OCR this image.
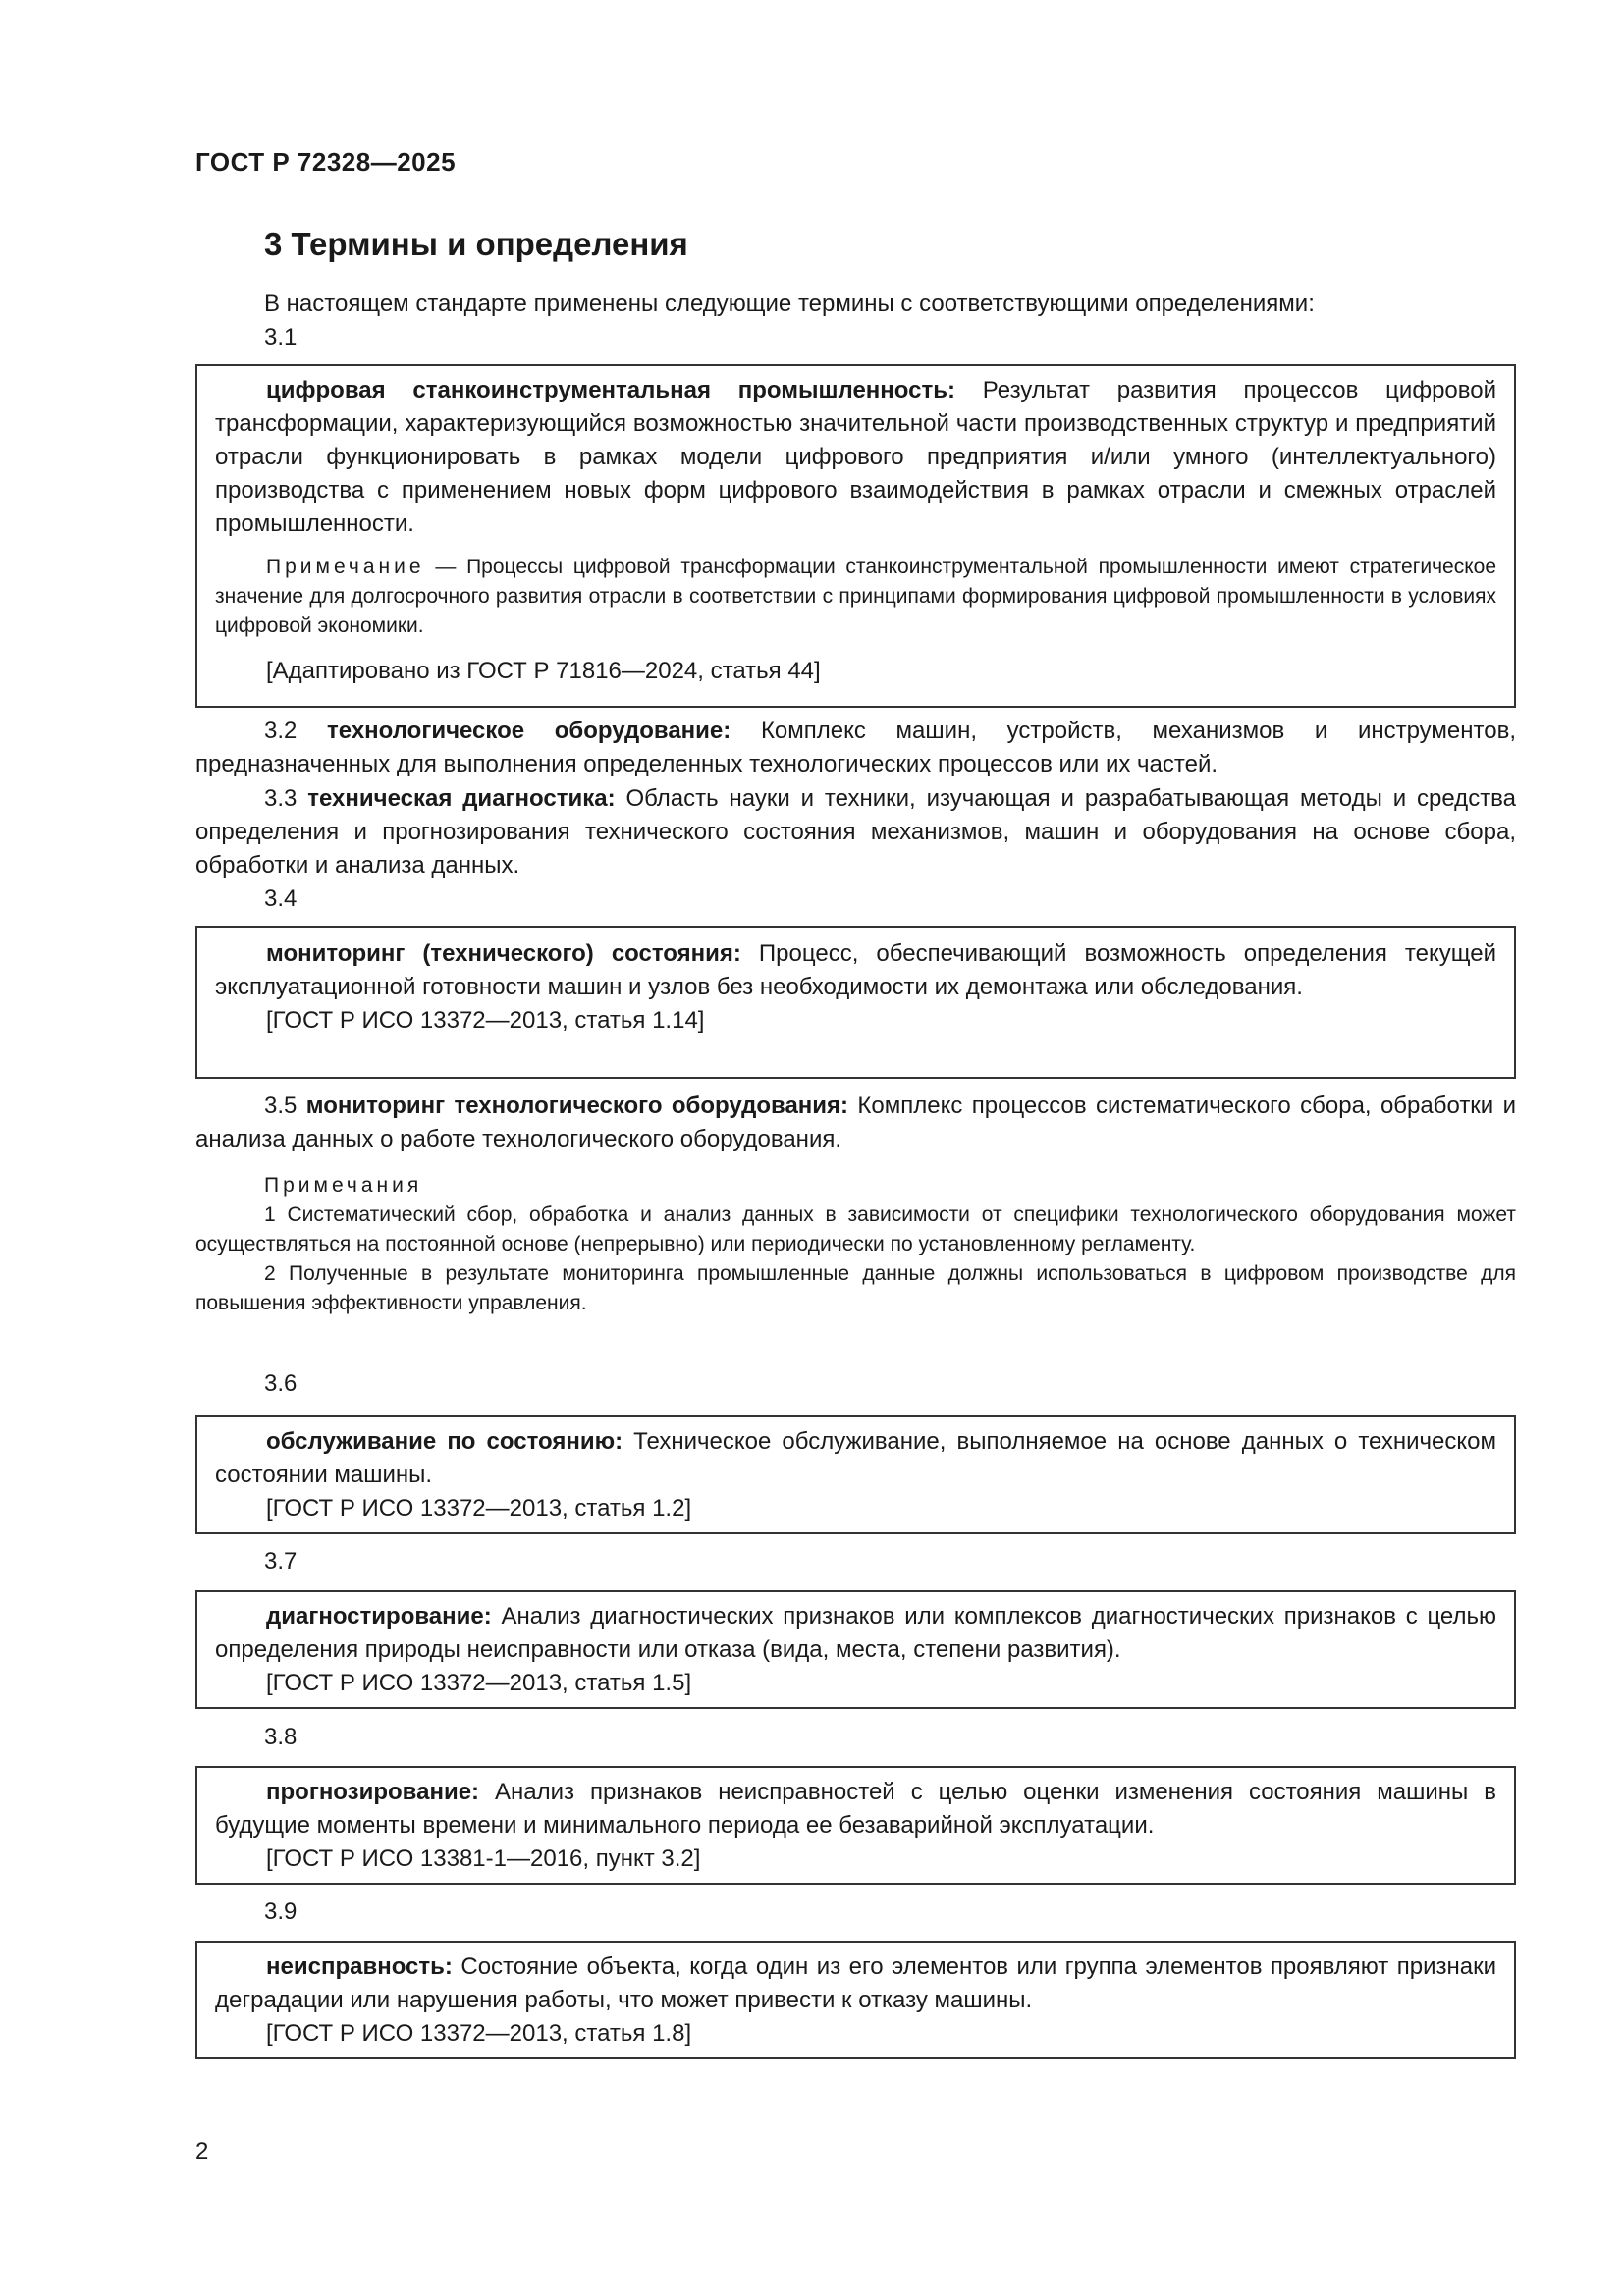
ГОСТ Р 72328—2025
3 Термины и определения
В настоящем стандарте применены следующие термины с соответствующими определениями:
3.1

цифровая станкоинструментальная промышленность: Результат развития процессов цифровой трансформации, характеризующийся возможностью значительной части производственных структур и предприятий отрасли функционировать в рамках модели цифрового предприятия и/или умного (интеллектуального) производства с применением новых форм цифрового взаимодействия в рамках отрасли и смежных отраслей промышленности.

Примечание — Процессы цифровой трансформации станкоинструментальной промышленности имеют стратегическое значение для долгосрочного развития отрасли в соответствии с принципами формирования цифровой промышленности в условиях цифровой экономики.

[Адаптировано из ГОСТ Р 71816—2024, статья 44]

3.2 технологическое оборудование: Комплекс машин, устройств, механизмов и инструментов, предназначенных для выполнения определенных технологических процессов или их частей.

3.3 техническая диагностика: Область науки и техники, изучающая и разрабатывающая методы и средства определения и прогнозирования технического состояния механизмов, машин и оборудования на основе сбора, обработки и анализа данных.

3.4

мониторинг (технического) состояния: Процесс, обеспечивающий возможность определения текущей эксплуатационной готовности машин и узлов без необходимости их демонтажа или обследования.

[ГОСТ Р ИСО 13372—2013, статья 1.14]

3.5 мониторинг технологического оборудования: Комплекс процессов систематического сбора, обработки и анализа данных о работе технологического оборудования.

Примечания

1 Систематический сбор, обработка и анализ данных в зависимости от специфики технологического оборудования может осуществляться на постоянной основе (непрерывно) или периодически по установленному регламенту.

2 Полученные в результате мониторинга промышленные данные должны использоваться в цифровом производстве для повышения эффективности управления.

3.6

обслуживание по состоянию: Техническое обслуживание, выполняемое на основе данных о техническом состоянии машины.

[ГОСТ Р ИСО 13372—2013, статья 1.2]

3.7

диагностирование: Анализ диагностических признаков или комплексов диагностических признаков с целью определения природы неисправности или отказа (вида, места, степени развития).

[ГОСТ Р ИСО 13372—2013, статья 1.5]

3.8

прогнозирование: Анализ признаков неисправностей с целью оценки изменения состояния машины в будущие моменты времени и минимального периода ее безаварийной эксплуатации.

[ГОСТ Р ИСО 13381-1—2016, пункт 3.2]

3.9

неисправность: Состояние объекта, когда один из его элементов или группа элементов проявляют признаки деградации или нарушения работы, что может привести к отказу машины.

[ГОСТ Р ИСО 13372—2013, статья 1.8]

2
